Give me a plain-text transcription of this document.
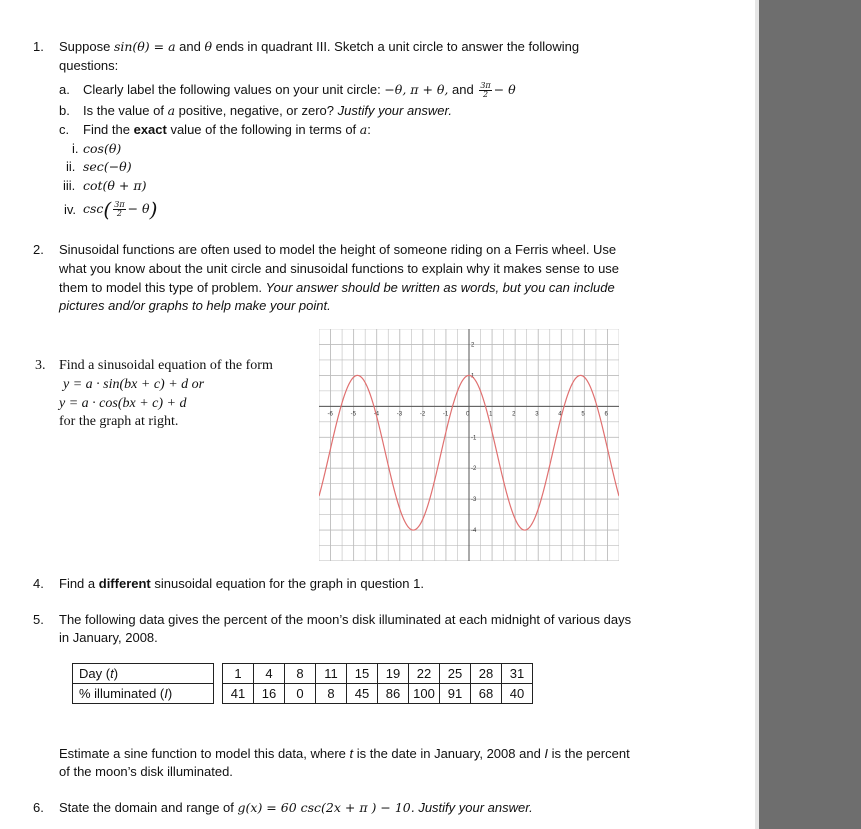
1. Suppose sin(θ) = a and θ ends in quadrant III. Sketch a unit circle to answer the following
questions:
a. Clearly label the following values on your unit circle: −θ, π + θ, and $\frac{3\pi}{2} - \theta$
b. Is the value of a positive, negative, or zero? Justify your answer.
c. Find the exact value of the following in terms of a:
i. cos(θ)
ii. sec(−θ)
iii. cot(θ + π)
iv. $\csc( \frac{3\pi}{2} - \theta)$
2. Sinusoidal functions are often used to model the height of someone riding on a Ferris wheel. Use
what you know about the unit circle and sinusoidal functions to explain why it makes sense to use
them to model this type of problem. Your answer should be written as words, but you can include
pictures and/or graphs to help make your point.
3. Find a sinusoidal equation of the form
y = a · sin(bx + c) + d or
y = a · cos(bx + c) + d
for the graph at right.	-6	-5	-4	-3	-2	-1	0	1	2	3	4	5	6
2
1
-1
-2
-3
-4
4. Find a different sinusoidal equation for the graph in question 1.
5. The following data gives the percent of the moon’s disk illuminated at each midnight of various days
in January, 2008.
Day (t)		1	4	8	11	15	19	22	25	28	31
% illuminated (I)		41	16	0	8	45	86	100	91	68	40
Estimate a sine function to model this data, where t is the date in January, 2008 and I is the percent
of the moon’s disk illuminated.
6. State the domain and range of g(x) = 60 csc(2x + π ) − 10. Justify your answer.
